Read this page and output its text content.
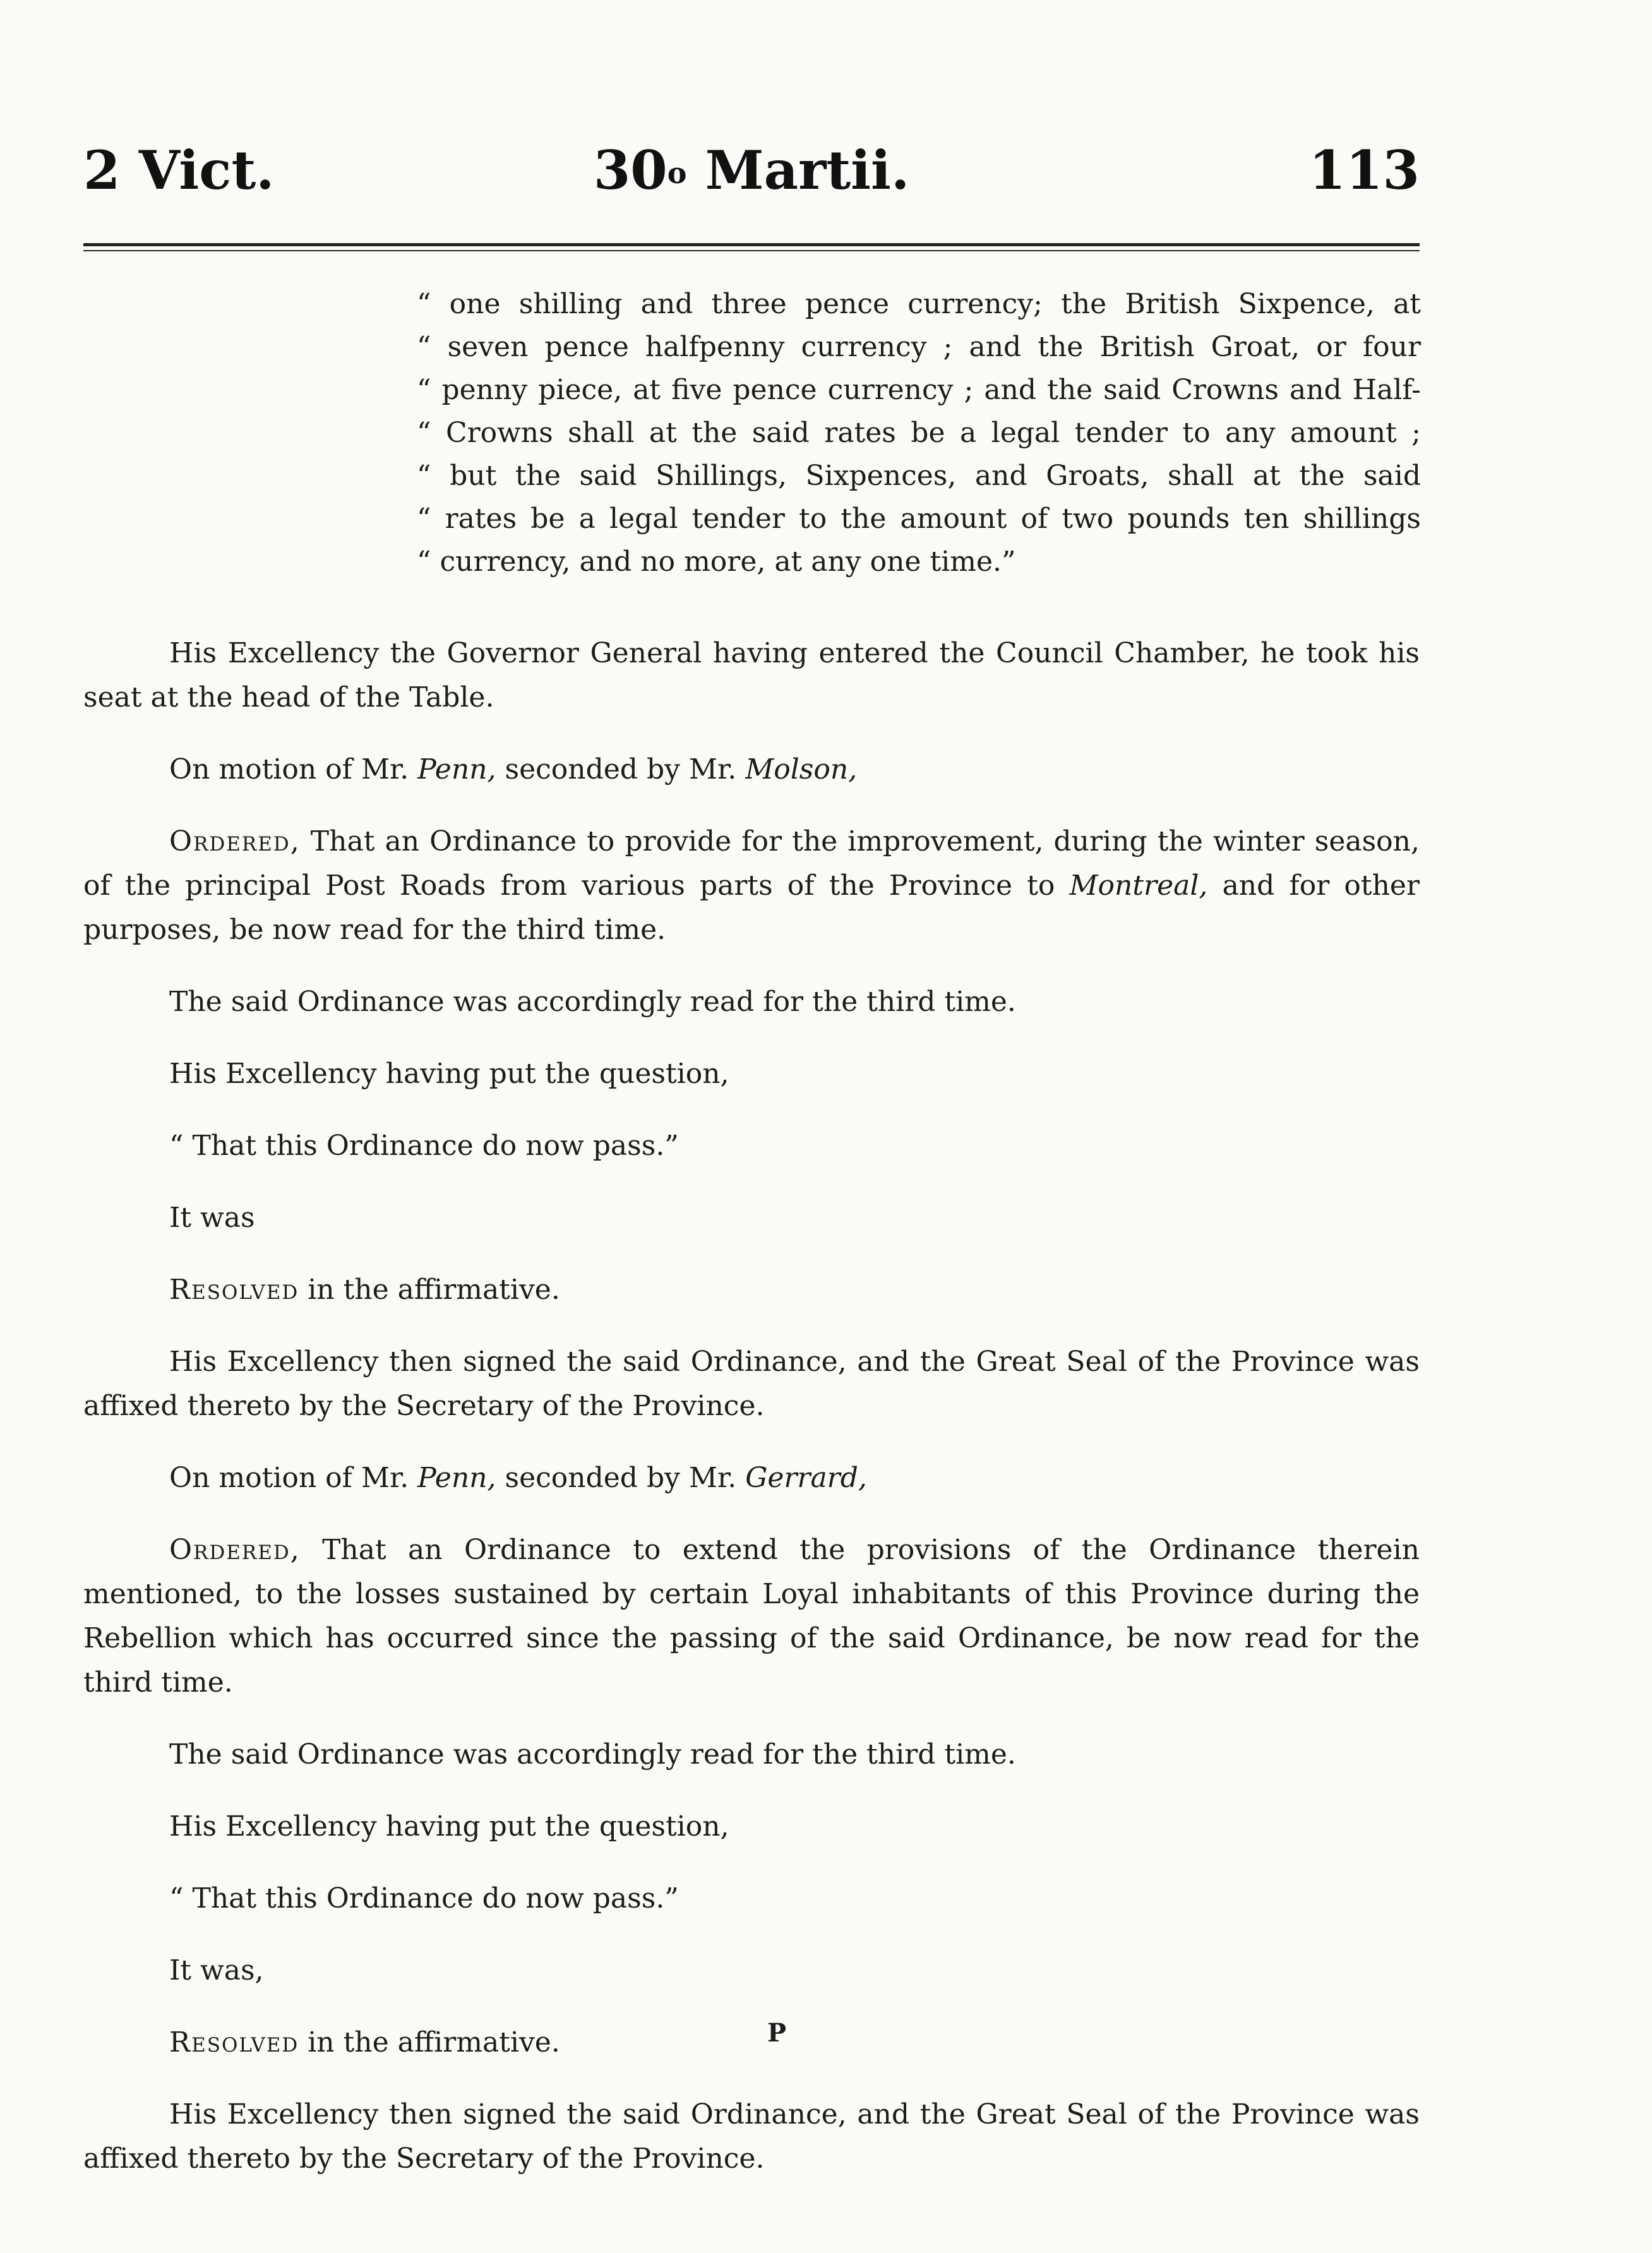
2 Vict.	30$^o$ Martii.	113
“ one shilling and three pence currency; the British Sixpence, at
“ seven pence halfpenny currency ; and the British Groat, or four
“ penny piece, at five pence currency ; and the said Crowns and Half-
“ Crowns shall at the said rates be a legal tender to any amount ;
“ but the said Shillings, Sixpences, and Groats, shall at the said
“ rates be a legal tender to the amount of two pounds ten shillings
“ currency, and no more, at any one time.”

His Excellency the Governor General having entered the Council Chamber, he took his seat at the head of the Table.

On motion of Mr. Penn, seconded by Mr. Molson,

Ordered, That an Ordinance to provide for the improvement, during the winter season, of the principal Post Roads from various parts of the Province to Montreal, and for other purposes, be now read for the third time.

The said Ordinance was accordingly read for the third time.

His Excellency having put the question,

“ That this Ordinance do now pass.”

It was

Resolved in the affirmative.

His Excellency then signed the said Ordinance, and the Great Seal of the Province was affixed thereto by the Secretary of the Province.

On motion of Mr. Penn, seconded by Mr. Gerrard,

Ordered, That an Ordinance to extend the provisions of the Ordinance therein mentioned, to the losses sustained by certain Loyal inhabitants of this Province during the Rebellion which has occurred since the passing of the said Ordinance, be now read for the third time.

The said Ordinance was accordingly read for the third time.

His Excellency having put the question,

“ That this Ordinance do now pass.”

It was,

Resolved in the affirmative.

His Excellency then signed the said Ordinance, and the Great Seal of the Province was affixed thereto by the Secretary of the Province.

P
